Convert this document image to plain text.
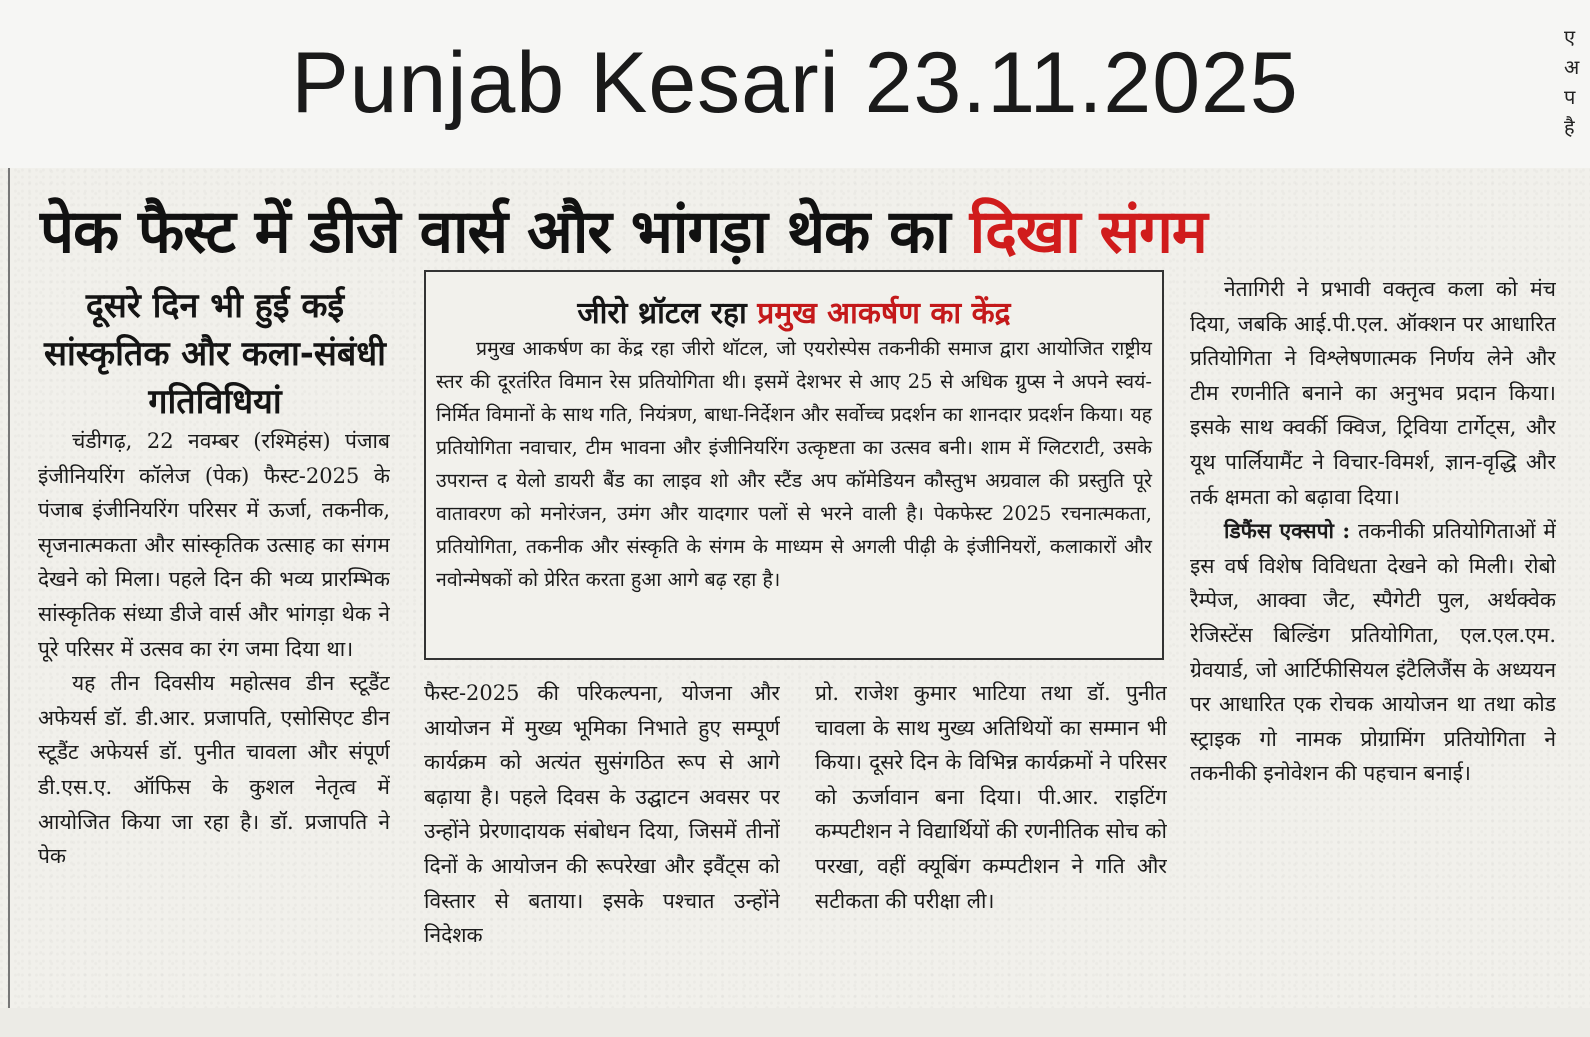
Punjab Kesari 23.11.2025	ए अ प है
पेक फैस्ट में डीजे वार्स और भांगड़ा थेक का दिखा संगम
दूसरे दिन भी हुई कई सांस्कृतिक और कला-संबंधी गतिविधियां

चंडीगढ़, 22 नवम्बर (रश्मिहंस) पंजाब इंजीनियरिंग कॉलेज (पेक) फैस्ट-2025 के पंजाब इंजीनियरिंग परिसर में ऊर्जा, तकनीक, सृजनात्मकता और सांस्कृतिक उत्साह का संगम देखने को मिला। पहले दिन की भव्य प्रारम्भिक सांस्कृतिक संध्या डीजे वार्स और भांगड़ा थेक ने पूरे परिसर में उत्सव का रंग जमा दिया था।

यह तीन दिवसीय महोत्सव डीन स्टूडैंट अफेयर्स डॉ. डी.आर. प्रजापति, एसोसिएट डीन स्टूडैंट अफेयर्स डॉ. पुनीत चावला और संपूर्ण डी.एस.ए. ऑफिस के कुशल नेतृत्व में आयोजित किया जा रहा है। डॉ. प्रजापति ने पेक

जीरो थ्रॉटल रहा प्रमुख आकर्षण का केंद्र

प्रमुख आकर्षण का केंद्र रहा जीरो थॉटल, जो एयरोस्पेस तकनीकी समाज द्वारा आयोजित राष्ट्रीय स्तर की दूरतंरित विमान रेस प्रतियोगिता थी। इसमें देशभर से आए 25 से अधिक ग्रुप्स ने अपने स्वयं-निर्मित विमानों के साथ गति, नियंत्रण, बाधा-निर्देशन और सर्वोच्च प्रदर्शन का शानदार प्रदर्शन किया। यह प्रतियोगिता नवाचार, टीम भावना और इंजीनियरिंग उत्कृष्टता का उत्सव बनी। शाम में ग्लिटराटी, उसके उपरान्त द येलो डायरी बैंड का लाइव शो और स्टैंड अप कॉमेडियन कौस्तुभ अग्रवाल की प्रस्तुति पूरे वातावरण को मनोरंजन, उमंग और यादगार पलों से भरने वाली है। पेकफेस्ट 2025 रचनात्मकता, प्रतियोगिता, तकनीक और संस्कृति के संगम के माध्यम से अगली पीढ़ी के इंजीनियरों, कलाकारों और नवोन्मेषकों को प्रेरित करता हुआ आगे बढ़ रहा है।

फैस्ट-2025 की परिकल्पना, योजना और आयोजन में मुख्य भूमिका निभाते हुए सम्पूर्ण कार्यक्रम को अत्यंत सुसंगठित रूप से आगे बढ़ाया है। पहले दिवस के उद्घाटन अवसर पर उन्होंने प्रेरणादायक संबोधन दिया, जिसमें तीनों दिनों के आयोजन की रूपरेखा और इवैंट्स को विस्तार से बताया। इसके पश्चात उन्होंने निदेशक

प्रो. राजेश कुमार भाटिया तथा डॉ. पुनीत चावला के साथ मुख्य अतिथियों का सम्मान भी किया। दूसरे दिन के विभिन्न कार्यक्रमों ने परिसर को ऊर्जावान बना दिया। पी.आर. राइटिंग कम्पटीशन ने विद्यार्थियों की रणनीतिक सोच को परखा, वहीं क्यूबिंग कम्पटीशन ने गति और सटीकता की परीक्षा ली।

नेतागिरी ने प्रभावी वक्तृत्व कला को मंच दिया, जबकि आई.पी.एल. ऑक्शन पर आधारित प्रतियोगिता ने विश्लेषणात्मक निर्णय लेने और टीम रणनीति बनाने का अनुभव प्रदान किया। इसके साथ क्वर्की क्विज, ट्रिविया टार्गेट्स, और यूथ पार्लियामैंट ने विचार-विमर्श, ज्ञान-वृद्धि और तर्क क्षमता को बढ़ावा दिया।

डिफैंस एक्सपो : तकनीकी प्रतियोगिताओं में इस वर्ष विशेष विविधता देखने को मिली। रोबो रैम्पेज, आक्वा जैट, स्पैगेटी पुल, अर्थक्वेक रेजिस्टेंस बिल्डिंग प्रतियोगिता, एल.एल.एम. ग्रेवयार्ड, जो आर्टिफीसियल इंटैलिजैंस के अध्ययन पर आधारित एक रोचक आयोजन था तथा कोड स्ट्राइक गो नामक प्रोग्रामिंग प्रतियोगिता ने तकनीकी इनोवेशन की पहचान बनाई।
